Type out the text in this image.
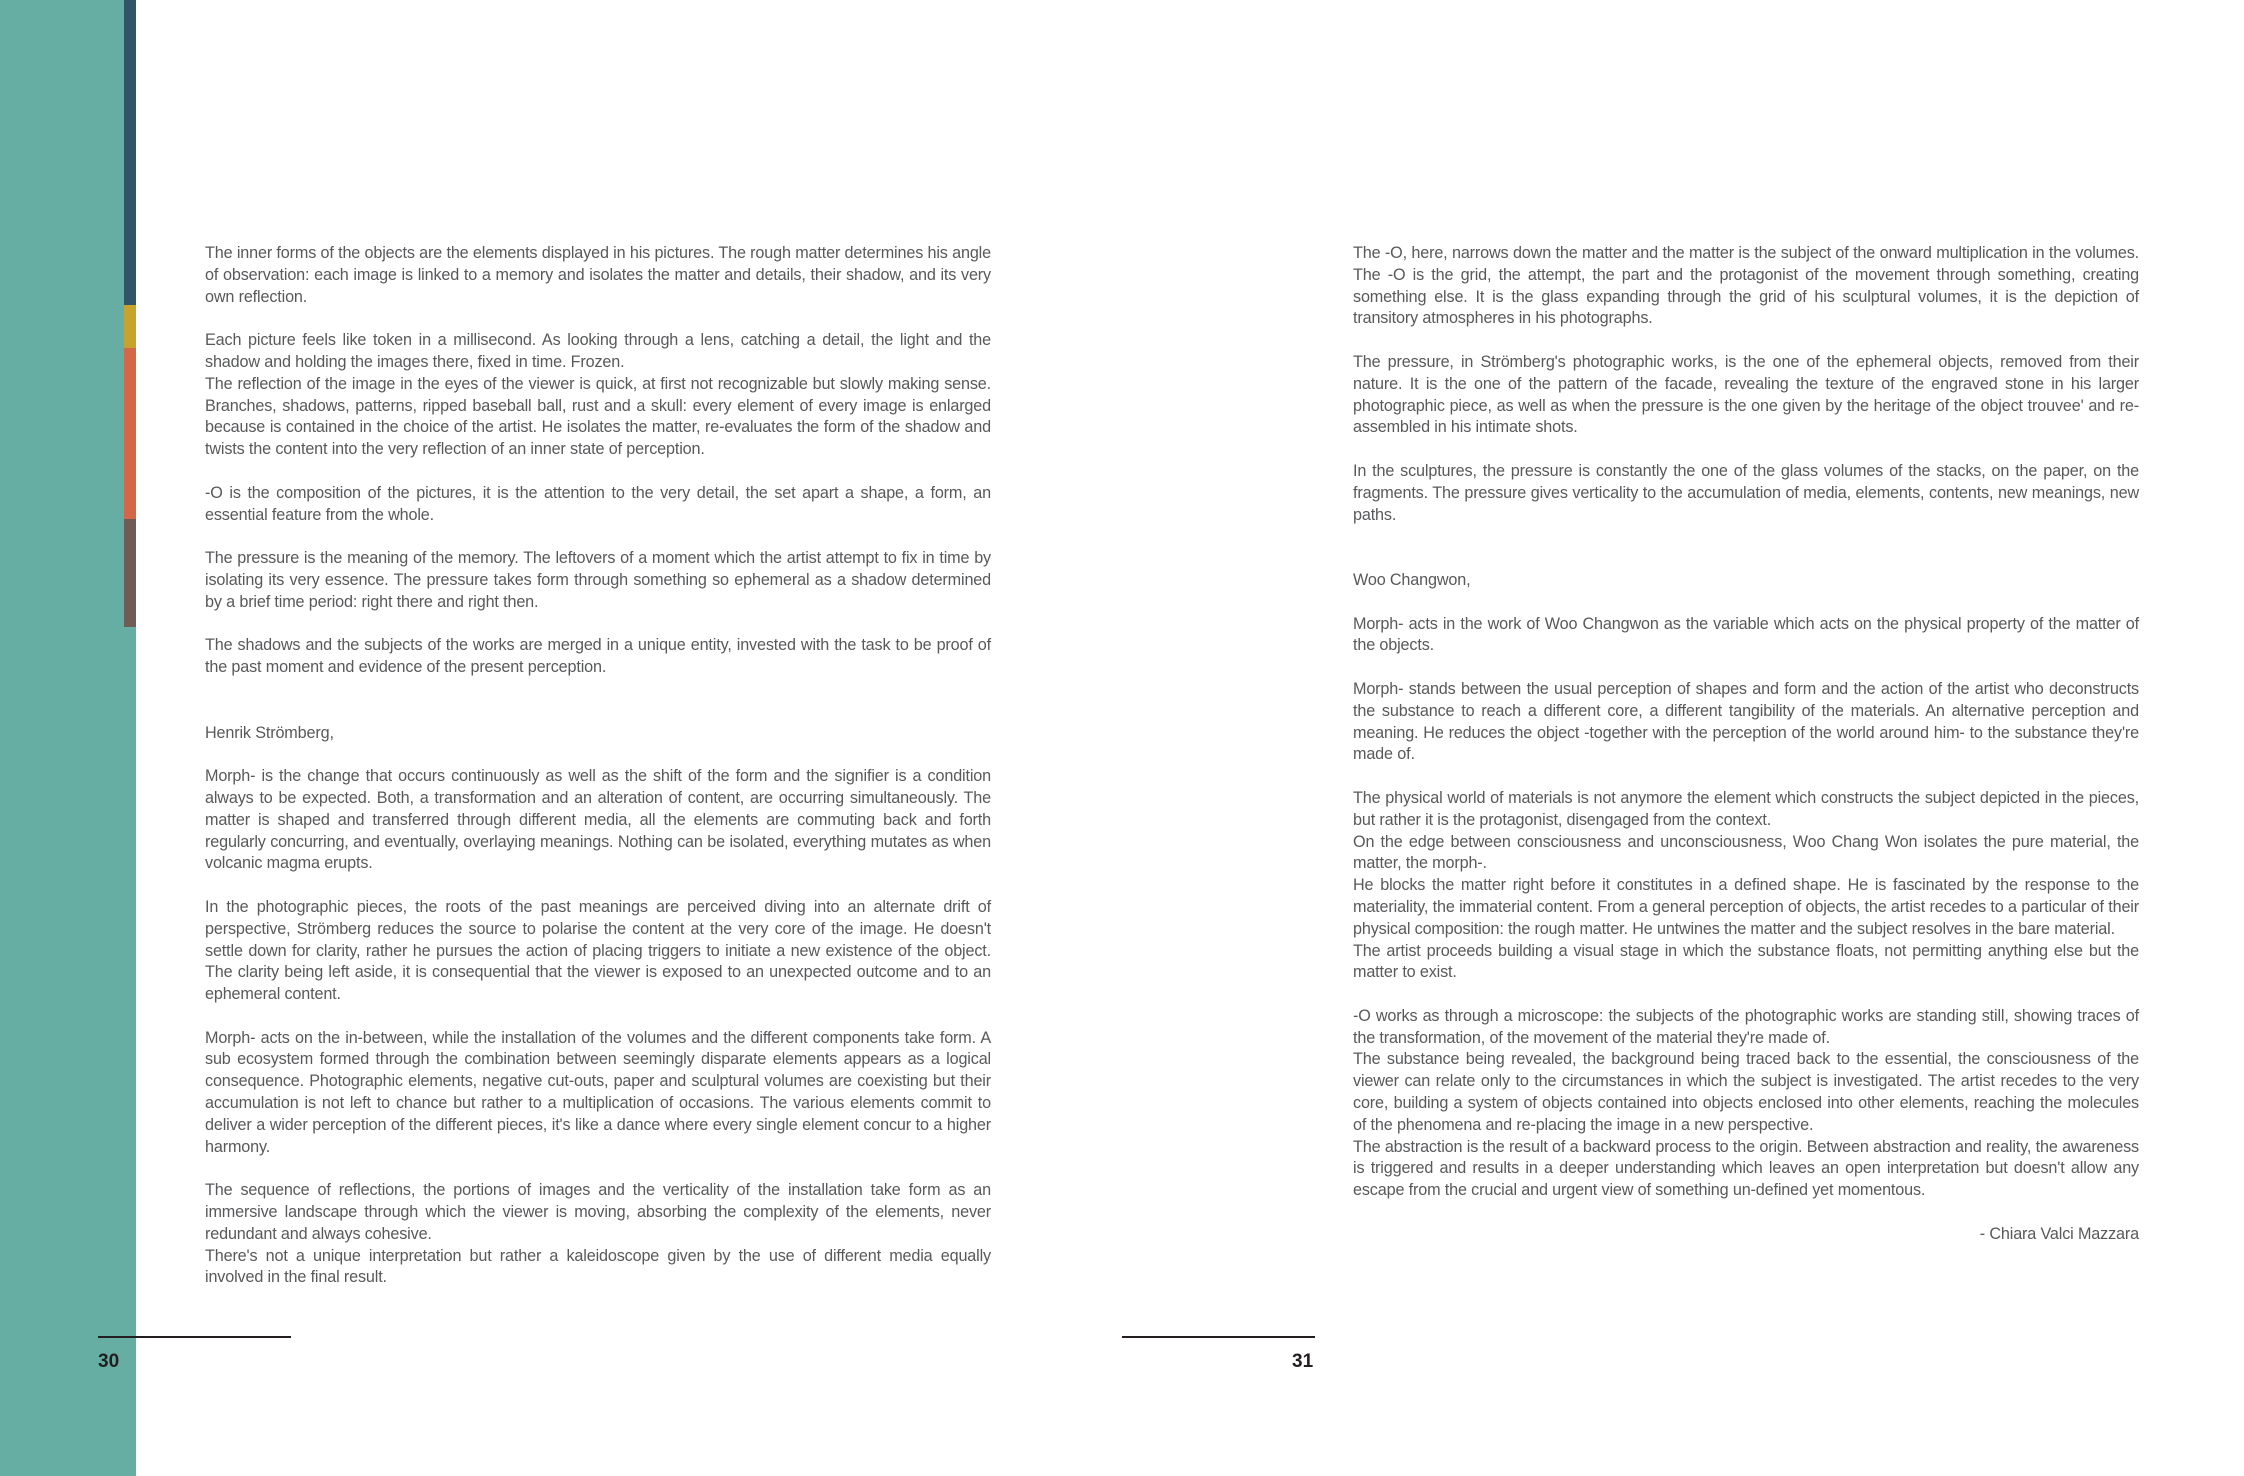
The inner forms of the objects are the elements displayed in his pictures. The rough matter determines his angle of observation: each image is linked to a memory and isolates the matter and details, their shadow, and its very own reflection.

Each picture feels like token in a millisecond. As looking through a lens, catching a detail, the light and the shadow and holding the images there, fixed in time. Frozen.
The reflection of the image in the eyes of the viewer is quick, at first not recognizable but slowly making sense. Branches, shadows, patterns, ripped baseball ball, rust and a skull: every element of every image is enlarged because is contained in the choice of the artist. He isolates the matter, re-evaluates the form of the shadow and twists the content into the very reflection of an inner state of perception.

-O is the composition of the pictures, it is the attention to the very detail, the set apart a shape, a form, an essential feature from the whole.

The pressure is the meaning of the memory. The leftovers of a moment which the artist attempt to fix in time by isolating its very essence. The pressure takes form through something so ephemeral as a shadow determined by a brief time period: right there and right then.

The shadows and the subjects of the works are merged in a unique entity, invested with the task to be proof of the past moment and evidence of the present perception.

Henrik Strömberg,

Morph- is the change that occurs continuously as well as the shift of the form and the signifier is a condition always to be expected. Both, a transformation and an alteration of content, are occurring simultaneously. The matter is shaped and transferred through different media, all the elements are commuting back and forth regularly concurring, and eventually, overlaying meanings. Nothing can be isolated, everything mutates as when volcanic magma erupts.

In the photographic pieces, the roots of the past meanings are perceived diving into an alternate drift of perspective, Strömberg reduces the source to polarise the content at the very core of the image. He doesn't settle down for clarity, rather he pursues the action of placing triggers to initiate a new existence of the object. The clarity being left aside, it is consequential that the viewer is exposed to an unexpected outcome and to an ephemeral content.

Morph- acts on the in-between, while the installation of the volumes and the different components take form. A sub ecosystem formed through the combination between seemingly disparate elements appears as a logical consequence. Photographic elements, negative cut-outs, paper and sculptural volumes are coexisting but their accumulation is not left to chance but rather to a multiplication of occasions. The various elements commit to deliver a wider perception of the different pieces, it's like a dance where every single element concur to a higher harmony.

The sequence of reflections, the portions of images and the verticality of the installation take form as an immersive landscape through which the viewer is moving, absorbing the complexity of the elements, never redundant and always cohesive.
There's not a unique interpretation but rather a kaleidoscope given by the use of different media equally involved in the final result.

The -O, here, narrows down the matter and the matter is the subject of the onward multiplication in the volumes. The -O is the grid, the attempt, the part and the protagonist of the movement through something, creating something else. It is the glass expanding through the grid of his sculptural volumes, it is the depiction of transitory atmospheres in his photographs.

The pressure, in Strömberg's photographic works, is the one of the ephemeral objects, removed from their nature. It is the one of the pattern of the facade, revealing the texture of the engraved stone in his larger photographic piece, as well as when the pressure is the one given by the heritage of the object trouvee' and re-assembled in his intimate shots.

In the sculptures, the pressure is constantly the one of the glass volumes of the stacks, on the paper, on the fragments. The pressure gives verticality to the accumulation of media, elements, contents, new meanings, new paths.

Woo Changwon,

Morph- acts in the work of Woo Changwon as the variable which acts on the physical property of the matter of the objects.

Morph- stands between the usual perception of shapes and form and the action of the artist who deconstructs the substance to reach a different core, a different tangibility of the materials. An alternative perception and meaning. He reduces the object -together with the perception of the world around him- to the substance they're made of.

The physical world of materials is not anymore the element which constructs the subject depicted in the pieces, but rather it is the protagonist, disengaged from the context.
On the edge between consciousness and unconsciousness, Woo Chang Won isolates the pure material, the matter, the morph-.
He blocks the matter right before it constitutes in a defined shape. He is fascinated by the response to the materiality, the immaterial content. From a general perception of objects, the artist recedes to a particular of their physical composition: the rough matter. He untwines the matter and the subject resolves in the bare material.
The artist proceeds building a visual stage in which the substance floats, not permitting anything else but the matter to exist.

-O works as through a microscope: the subjects of the photographic works are standing still, showing traces of the transformation, of the movement of the material they're made of.
The substance being revealed, the background being traced back to the essential, the consciousness of the viewer can relate only to the circumstances in which the subject is investigated. The artist recedes to the very core, building a system of objects contained into objects enclosed into other elements, reaching the molecules of the phenomena and re-placing the image in a new perspective.
The abstraction is the result of a backward process to the origin. Between abstraction and reality, the awareness is triggered and results in a deeper understanding which leaves an open interpretation but doesn't allow any escape from the crucial and urgent view of something un-defined yet momentous.

- Chiara Valci Mazzara

30	31
